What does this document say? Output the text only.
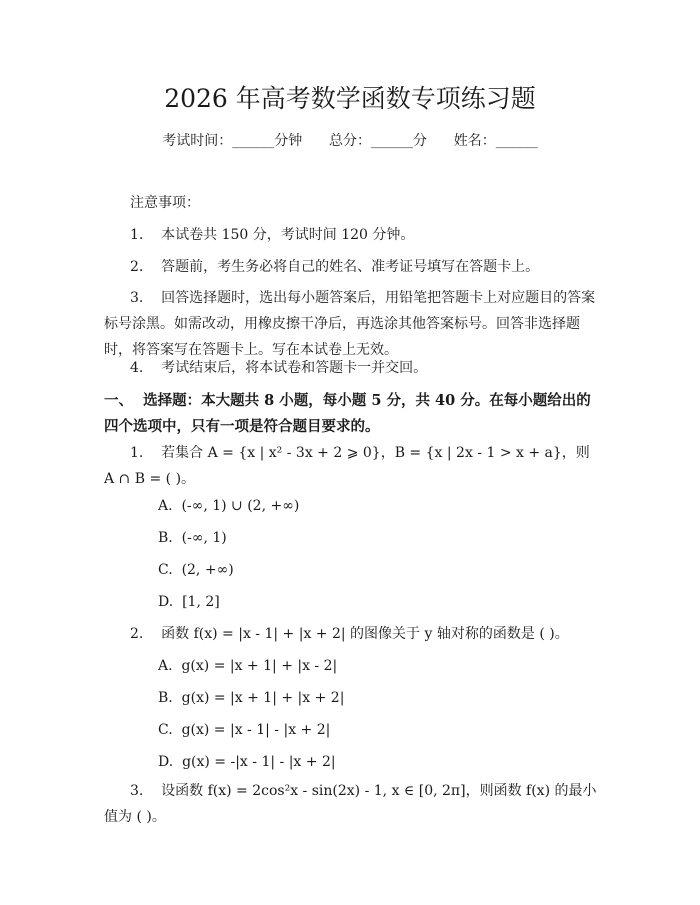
2026 年高考数学函数专项练习题
考试时间：______分钟      总分：______分      姓名：______
注意事项：
1.    本试卷共 150 分，考试时间 120 分钟。
2.    答题前，考生务必将自己的姓名、准考证号填写在答题卡上。
3.    回答选择题时，选出每小题答案后，用铅笔把答题卡上对应题目的答案标号涂黑。如需改动，用橡皮擦干净后，再选涂其他答案标号。回答非选择题时，将答案写在答题卡上。写在本试卷上无效。
4.    考试结束后，将本试卷和答题卡一并交回。
一、  选择题：本大题共 8 小题，每小题 5 分，共 40 分。在每小题给出的四个选项中，只有一项是符合题目要求的。
1.    若集合 A = {x | x² - 3x + 2 ⩾ 0}，B = {x | 2x - 1 > x + a}，则 A ∩ B = ( )。
A.  (-∞, 1) ∪ (2, +∞)
B.  (-∞, 1)
C.  (2, +∞)
D.  [1, 2]
2.    函数 f(x) = |x - 1| + |x + 2| 的图像关于 y 轴对称的函数是 ( )。
A.  g(x) = |x + 1| + |x - 2|
B.  g(x) = |x + 1| + |x + 2|
C.  g(x) = |x - 1| - |x + 2|
D.  g(x) = -|x - 1| - |x + 2|
3.    设函数 f(x) = 2cos²x - sin(2x) - 1, x ∈ [0, 2π]，则函数 f(x) 的最小值为 ( )。
